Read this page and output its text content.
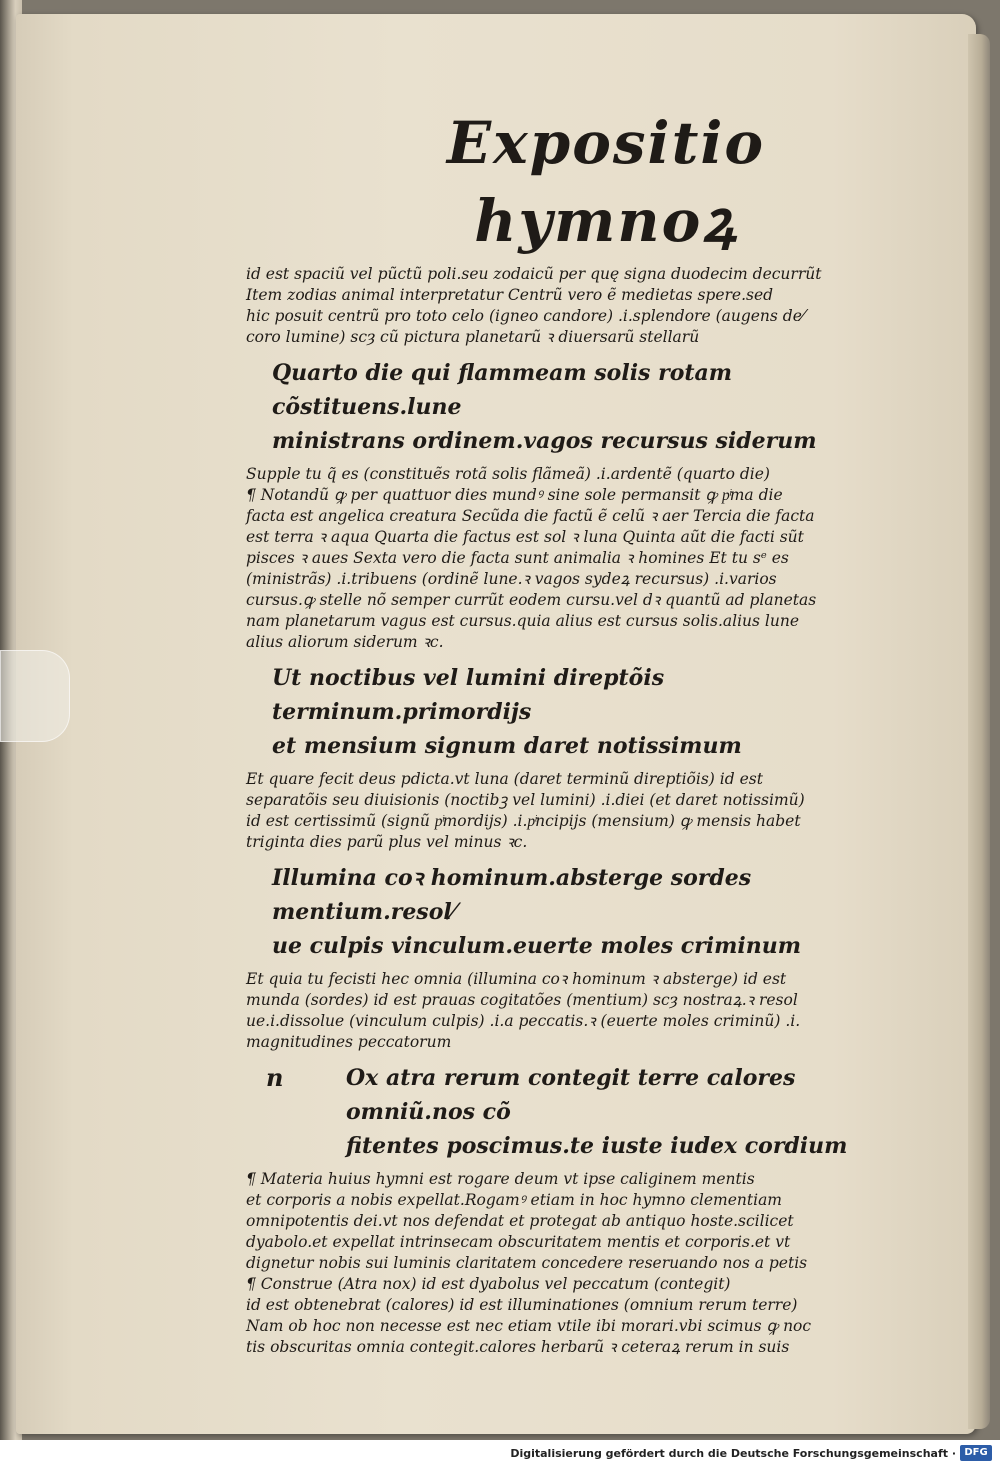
Expositio hymnoꝝ

id est spaciũ vel pũctũ poli.seu zodaicũ per quę signa duodecim decurrũt
Item zodias animal interpretatur Centrũ vero ẽ medietas spere.sed
hic posuit centrũ pro toto celo (igneo candore) .i.splendore (augens de⁄
coro lumine) scȝ cũ pictura planetarũ ꝛ diuersarũ stellarũ

Quarto die qui flammeam solis rotam cõstituens.lune
ministrans ordinem.vagos recursus siderum

Supple tu q̃ es (constituẽs rotã solis flãmeã) .i.ardentẽ (quarto die)
¶ Notandũ ꝙ per quattuor dies mundꝰ sine sole permansit ꝙ pͥma die
facta est angelica creatura Secũda die factũ ẽ celũ ꝛ aer Tercia die facta
est terra ꝛ aqua Quarta die factus est sol ꝛ luna Quinta aũt die facti sũt
pisces ꝛ aues Sexta vero die facta sunt animalia ꝛ homines Et tu sᵉ es
(ministrãs) .i.tribuens (ordinẽ lune.ꝛ vagos sydeꝝ recursus) .i.varios
cursus.ꝙ stelle nõ semper currũt eodem cursu.vel dꝛ quantũ ad planetas
nam planetarum vagus est cursus.quia alius est cursus solis.alius lune
alius aliorum siderum ꝛc.

Ut noctibus vel lumini direptõis terminum.primordijs
et mensium signum daret notissimum

Et quare fecit deus pdicta.vt luna (daret terminũ direptiõis) id est
separatõis seu diuisionis (noctibꝫ vel lumini) .i.diei (et daret notissimũ)
id est certissimũ (signũ pͥmordijs) .i.pͥncipijs (mensium) ꝙ mensis habet
triginta dies parũ plus vel minus ꝛc.

Illumina coꝛ hominum.absterge sordes mentium.resol⁄
ue culpis vinculum.euerte moles criminum

Et quia tu fecisti hec omnia (illumina coꝛ hominum ꝛ absterge) id est
munda (sordes) id est prauas cogitatões (mentium) scȝ nostraꝝ.ꝛ resol
ue.i.dissolue (vinculum culpis) .i.a peccatis.ꝛ (euerte moles criminũ) .i.
magnitudines peccatorum

n	Ox atra rerum contegit terre calores omniũ.nos cõ
fitentes poscimus.te iuste iudex cordium

¶ Materia huius hymni est rogare deum vt ipse caliginem mentis
et corporis a nobis expellat.Rogamꝰ etiam in hoc hymno clementiam
omnipotentis dei.vt nos defendat et protegat ab antiquo hoste.scilicet
dyabolo.et expellat intrinsecam obscuritatem mentis et corporis.et vt
dignetur nobis sui luminis claritatem concedere reseruando nos a petis
¶ Construe (Atra nox) id est dyabolus vel peccatum (contegit)
id est obtenebrat (calores) id est illuminationes (omnium rerum terre)
Nam ob hoc non necesse est nec etiam vtile ibi morari.vbi scimus ꝙ noc
tis obscuritas omnia contegit.calores herbarũ ꝛ ceteraꝝ rerum in suis

Digitalisierung gefördert durch die Deutsche Forschungsgemeinschaft · DFG
